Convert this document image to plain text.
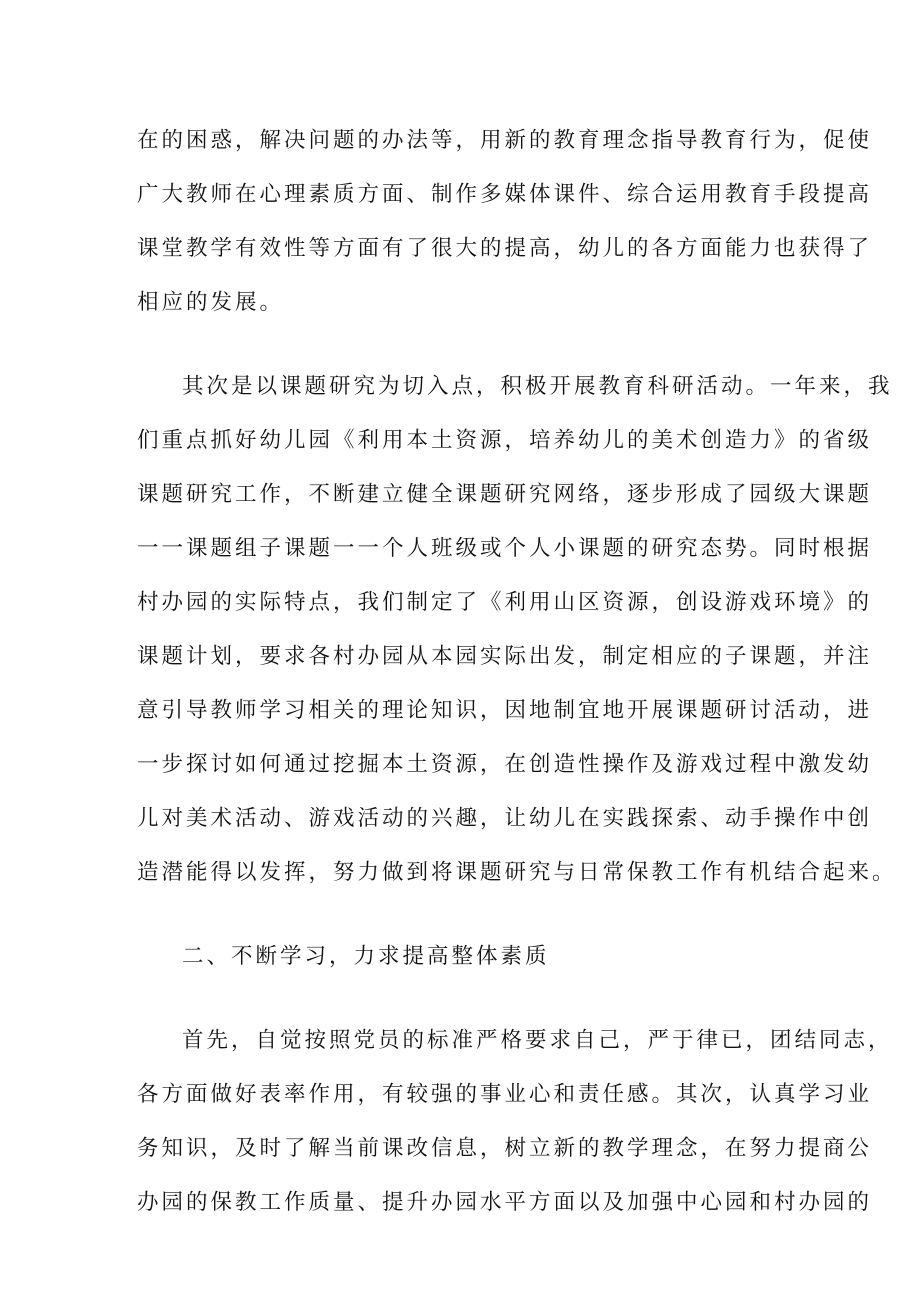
在的困惑，解决问题的办法等，用新的教育理念指导教育行为，促使
广大教师在心理素质方面、制作多媒体课件、综合运用教育手段提高
课堂教学有效性等方面有了很大的提高，幼儿的各方面能力也获得了
相应的发展。
其次是以课题研究为切入点，积极开展教育科研活动。一年来，我
们重点抓好幼儿园《利用本土资源，培养幼儿的美术创造力》的省级
课题研究工作，不断建立健全课题研究网络，逐步形成了园级大课题
一一课题组子课题一一个人班级或个人小课题的研究态势。同时根据
村办园的实际特点，我们制定了《利用山区资源，创设游戏环境》的
课题计划，要求各村办园从本园实际出发，制定相应的子课题，并注
意引导教师学习相关的理论知识，因地制宜地开展课题研讨活动，进
一步探讨如何通过挖掘本土资源，在创造性操作及游戏过程中激发幼
儿对美术活动、游戏活动的兴趣，让幼儿在实践探索、动手操作中创
造潜能得以发挥，努力做到将课题研究与日常保教工作有机结合起来。
二、不断学习，力求提高整体素质
首先，自觉按照党员的标准严格要求自己，严于律已，团结同志，
各方面做好表率作用，有较强的事业心和责任感。其次，认真学习业
务知识，及时了解当前课改信息，树立新的教学理念，在努力提商公
办园的保教工作质量、提升办园水平方面以及加强中心园和村办园的
